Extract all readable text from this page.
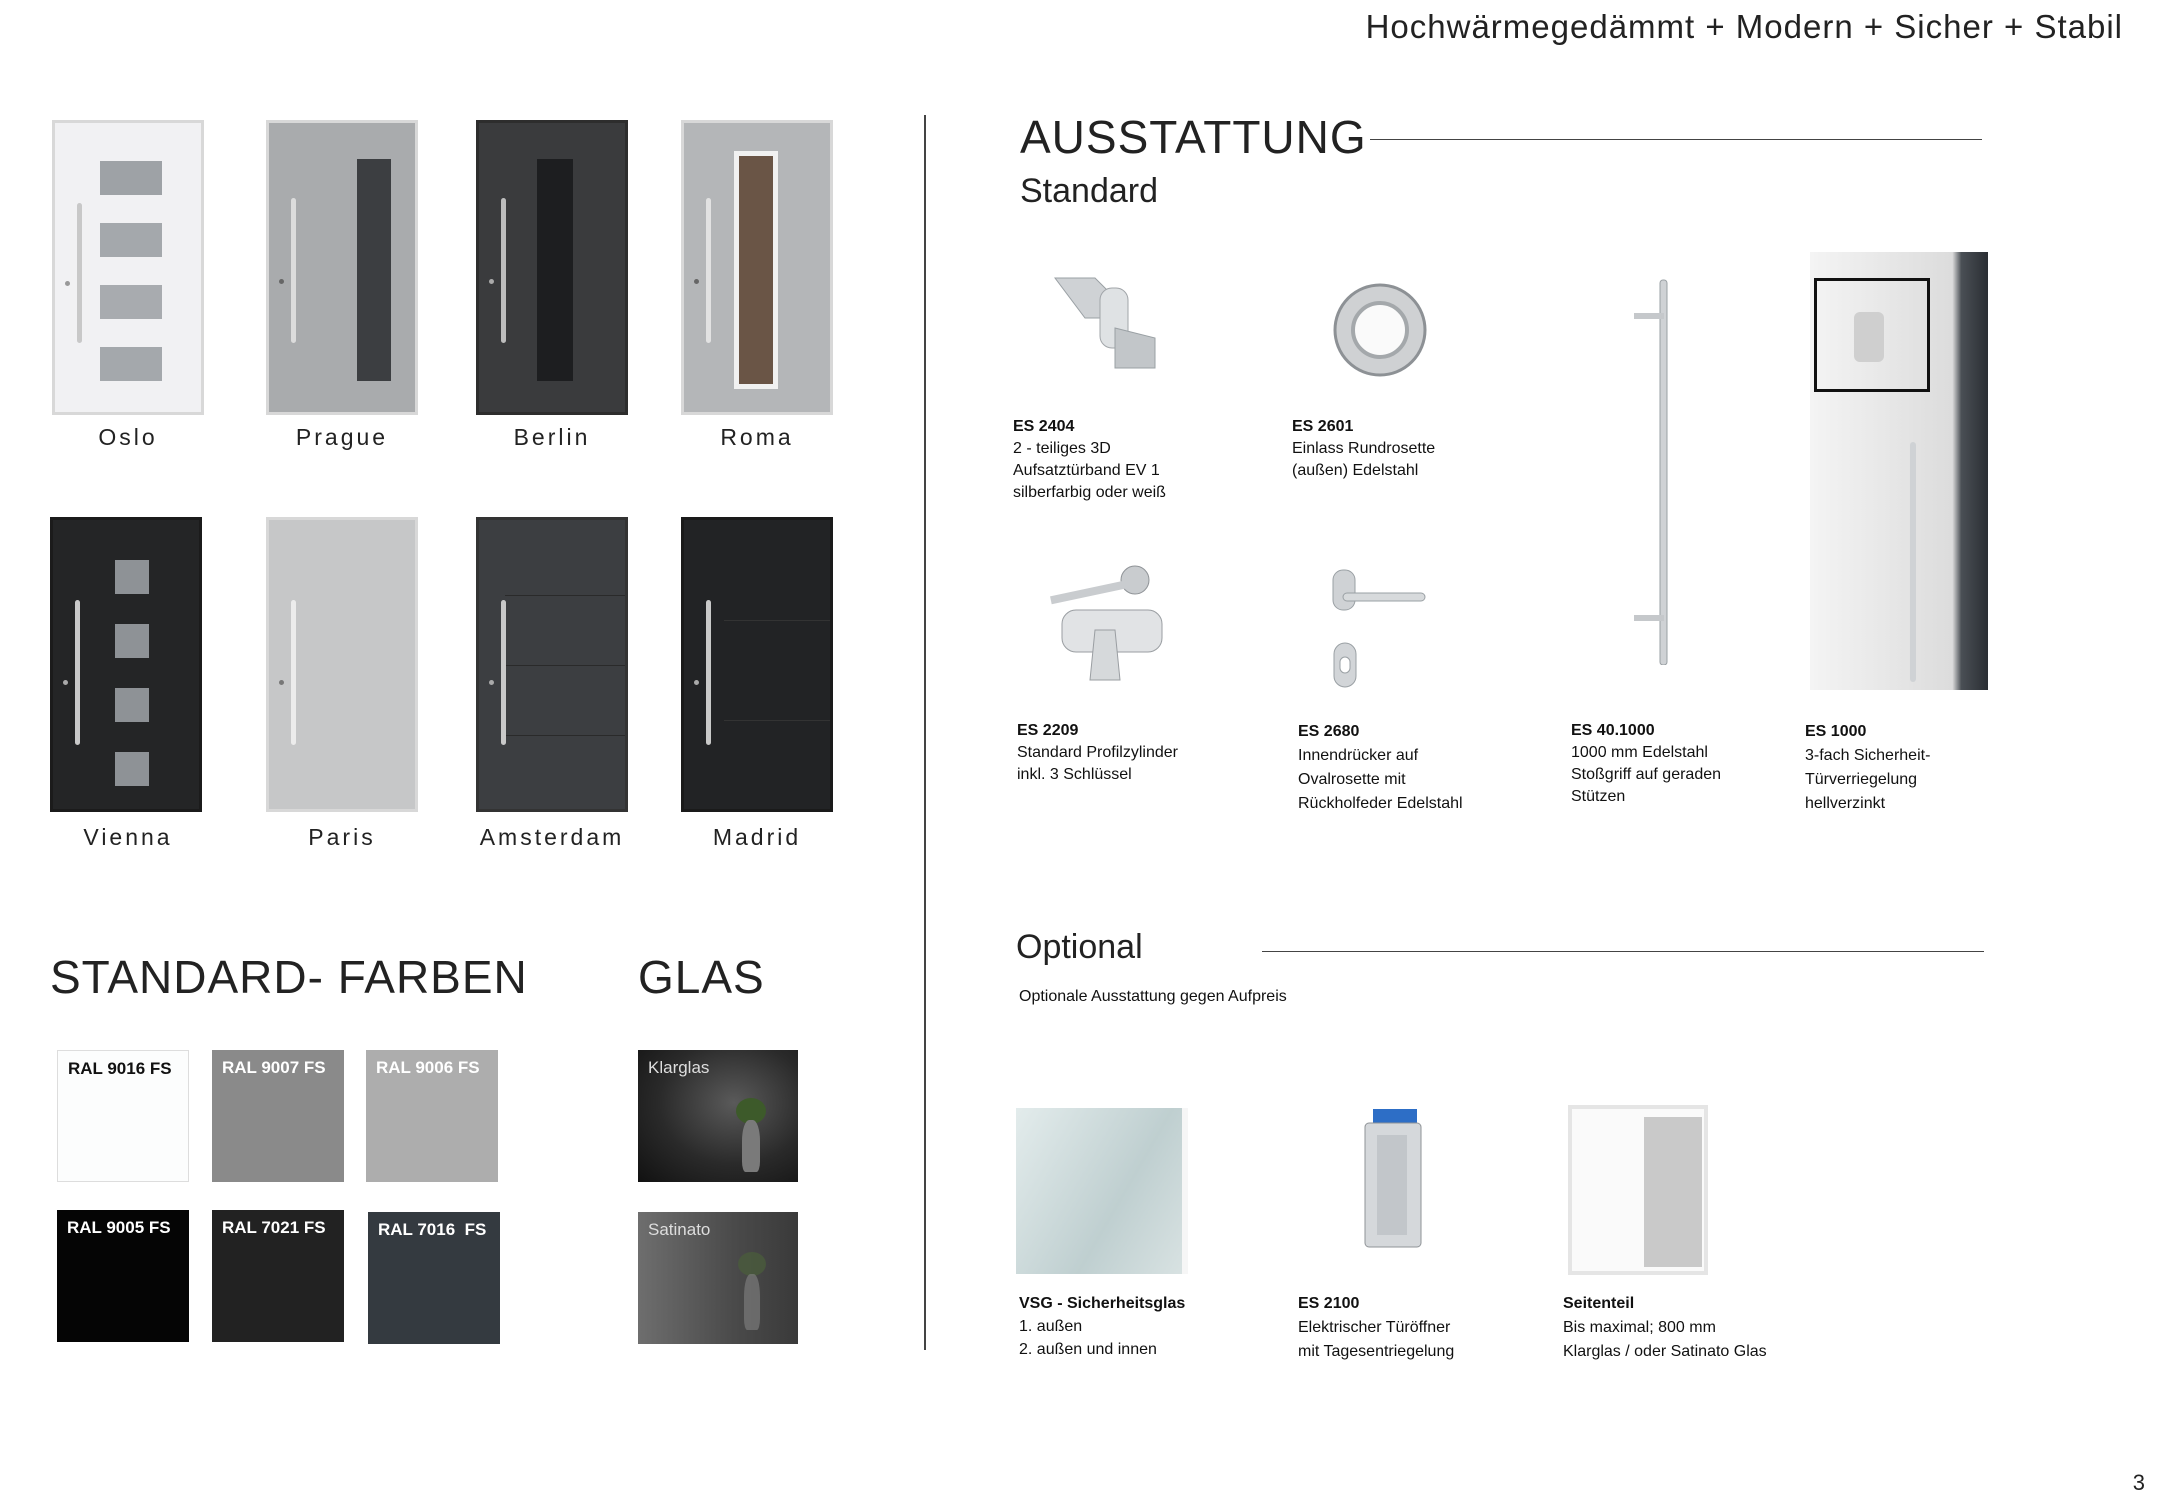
Hochwärmegedämmt + Modern + Sicher + Stabil
Oslo	Prague	Berlin	Roma
Vienna	Paris	Amsterdam	Madrid
STANDARD- FARBEN
RAL 9016 FS	RAL 9007 FS	RAL 9006 FS
RAL 9005 FS	RAL 7021 FS	RAL 7016  FS
GLAS
Klarglas
Satinato
AUSSTATTUNG
Standard
ES 2404
2 - teiliges 3D
Aufsatztürband EV 1
silberfarbig oder weiß
ES 2601
Einlass Rundrosette
(außen) Edelstahl
ES 2209
Standard Profilzylinder
inkl. 3 Schlüssel
ES 2680
Innendrücker auf
Ovalrosette mit
Rückholfeder Edelstahl
ES 40.1000
1000 mm Edelstahl
Stoßgriff auf geraden
Stützen
ES 1000
3-fach Sicherheit-
Türverriegelung
hellverzinkt
Optional
Optionale Ausstattung gegen Aufpreis
VSG - Sicherheitsglas
1. außen
2. außen und innen
ES 2100
Elektrischer Türöffner
mit Tagesentriegelung
Seitenteil
Bis maximal; 800 mm
Klarglas / oder Satinato Glas
3
